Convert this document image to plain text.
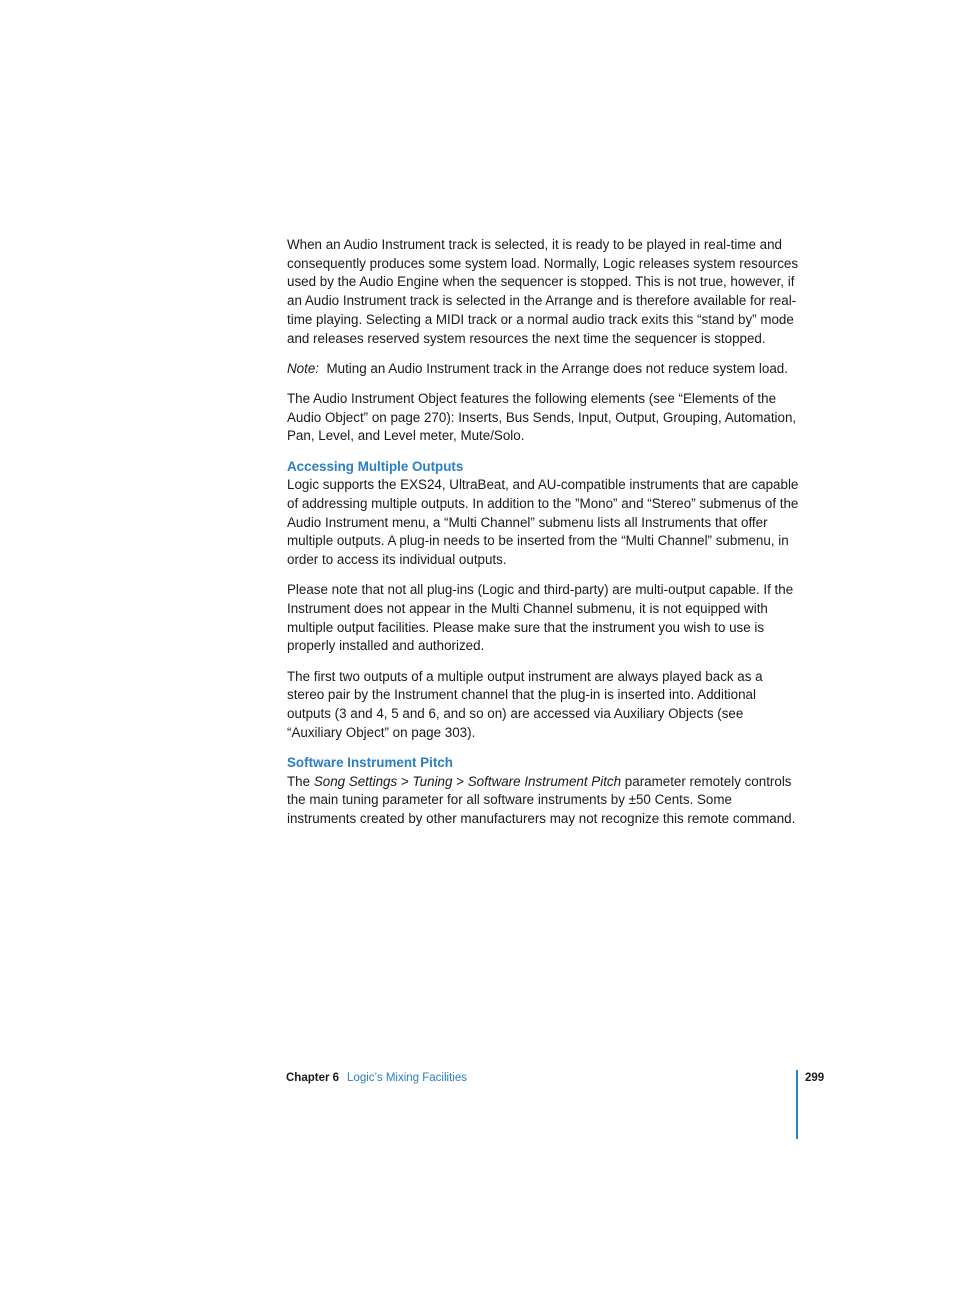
When an Audio Instrument track is selected, it is ready to be played in real-time and consequently produces some system load. Normally, Logic releases system resources used by the Audio Engine when the sequencer is stopped. This is not true, however, if an Audio Instrument track is selected in the Arrange and is therefore available for real-time playing. Selecting a MIDI track or a normal audio track exits this “stand by” mode and releases reserved system resources the next time the sequencer is stopped.

Note: Muting an Audio Instrument track in the Arrange does not reduce system load.

The Audio Instrument Object features the following elements (see “Elements of the Audio Object” on page 270): Inserts, Bus Sends, Input, Output, Grouping, Automation, Pan, Level, and Level meter, Mute/Solo.

Accessing Multiple Outputs

Logic supports the EXS24, UltraBeat, and AU-compatible instruments that are capable of addressing multiple outputs. In addition to the ”Mono” and “Stereo” submenus of the Audio Instrument menu, a “Multi Channel” submenu lists all Instruments that offer multiple outputs. A plug-in needs to be inserted from the “Multi Channel” submenu, in order to access its individual outputs.

Please note that not all plug-ins (Logic and third-party) are multi-output capable. If the Instrument does not appear in the Multi Channel submenu, it is not equipped with multiple output facilities. Please make sure that the instrument you wish to use is properly installed and authorized.

The first two outputs of a multiple output instrument are always played back as a stereo pair by the Instrument channel that the plug-in is inserted into. Additional outputs (3 and 4, 5 and 6, and so on) are accessed via Auxiliary Objects (see “Auxiliary Object” on page 303).

Software Instrument Pitch

The Song Settings > Tuning > Software Instrument Pitch parameter remotely controls the main tuning parameter for all software instruments by ±50 Cents. Some instruments created by other manufacturers may not recognize this remote command.

Chapter 6 Logic’s Mixing Facilities	299
